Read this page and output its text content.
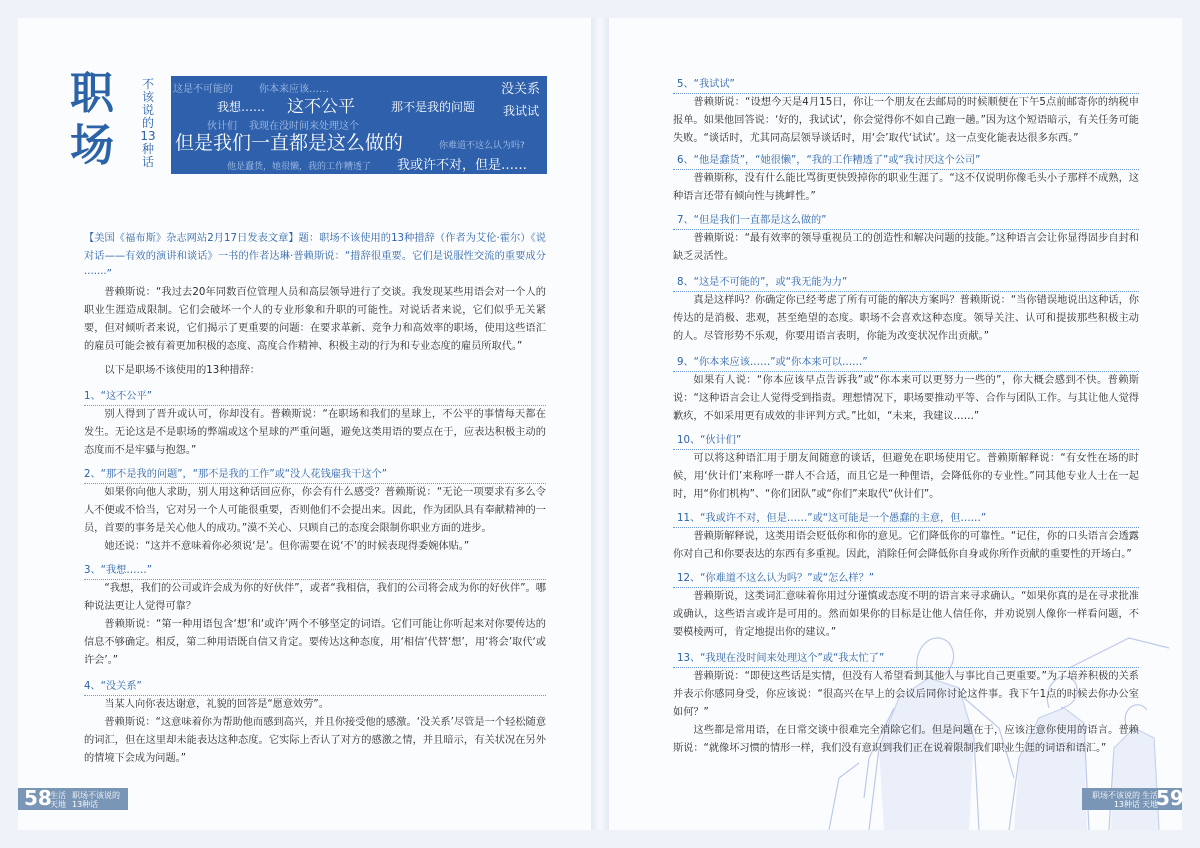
职场
不该说的13种话
这是不可能的	你本来应该……	没关系
我想…… 这不公平	那不是我的问题 我试试
伙计们 我现在没时间来处理这个
但是我们一直都是这么做的	你难道不这么认为吗?
他是蠢货，她很懒，我的工作糟透了 我或许不对，但是……
【美国《福布斯》杂志网站2月17日发表文章】题：职场不该使用的13种措辞（作者为艾伦·霍尔）《说对话——有效的演讲和谈话》一书的作者达琳·普赖斯说：“措辞很重要。它们是说服性交流的重要成分·······”
普赖斯说：“我过去20年同数百位管理人员和高层领导进行了交谈。我发现某些用语会对一个人的职业生涯造成限制。它们会破坏一个人的专业形象和升职的可能性。对说话者来说，它们似乎无关紧要，但对倾听者来说，它们揭示了更重要的问题：在要求革新、竞争力和高效率的职场，使用这些语汇的雇员可能会被有着更加积极的态度、高度合作精神、积极主动的行为和专业态度的雇员所取代。”
以下是职场不该使用的13种措辞：
1、“这不公平”
别人得到了晋升或认可，你却没有。普赖斯说：“在职场和我们的星球上，不公平的事情每天都在发生。无论这是不是职场的弊端或这个星球的严重问题，避免这类用语的要点在于，应表达积极主动的态度而不是牢骚与抱怨。”
2、“那不是我的问题”，“那不是我的工作”或“没人花钱雇我干这个”
如果你向他人求助，别人用这种话回应你，你会有什么感受？普赖斯说：“无论一项要求有多么令人不便或不恰当，它对另一个人可能很重要，否则他们不会提出来。因此，作为团队具有奉献精神的一员，首要的事务是关心他人的成功。”漠不关心、只顾自己的态度会限制你职业方面的进步。
她还说：“这并不意味着你必须说‘是’。但你需要在说‘不’的时候表现得委婉体贴。”
3、“我想……”
“我想，我们的公司或许会成为你的好伙伴”，或者“我相信，我们的公司将会成为你的好伙伴”。哪种说法更让人觉得可靠？
普赖斯说：“第一种用语包含‘想’和‘或许’两个不够坚定的词语。它们可能让你听起来对你要传达的信息不够确定。相反，第二种用语既自信又肯定。要传达这种态度，用‘相信’代替‘想’，用‘将会’取代‘或许会’。”
4、“没关系”
当某人向你表达谢意，礼貌的回答是“愿意效劳”。
普赖斯说：“这意味着你为帮助他而感到高兴，并且你接受他的感激。‘没关系’尽管是一个轻松随意的词汇，但在这里却未能表达这种态度。它实际上否认了对方的感激之情，并且暗示，有关状况在另外的情境下会成为问题。”
5、“我试试”
普赖斯说：“设想今天是4月15日，你让一个朋友在去邮局的时候顺便在下午5点前邮寄你的纳税申报单。如果他回答说：‘好的，我试试’，你会觉得你不如自己跑一趟。”因为这个短语暗示，有关任务可能失败。“谈话时，尤其同高层领导谈话时，用‘会’取代‘试试’。这一点变化能表达很多东西。”
6、“他是蠢货”，“她很懒”，“我的工作糟透了”或“我讨厌这个公司”
普赖斯称，没有什么能比骂街更快毁掉你的职业生涯了。“这不仅说明你像毛头小子那样不成熟，这种语言还带有倾向性与挑衅性。”
7、“但是我们一直都是这么做的”
普赖斯说：“最有效率的领导重视员工的创造性和解决问题的技能。”这种语言会让你显得固步自封和缺乏灵活性。
8、“这是不可能的”，或“我无能为力”
真是这样吗？你确定你已经考虑了所有可能的解决方案吗？普赖斯说：“当你错误地说出这种话，你传达的是消极、悲观，甚至绝望的态度。职场不会喜欢这种态度。领导关注、认可和提拔那些积极主动的人。尽管形势不乐观，你要用语言表明，你能为改变状况作出贡献。”
9、“你本来应该……”或“你本来可以……”
如果有人说：“你本应该早点告诉我”或“你本来可以更努力一些的”，你大概会感到不快。普赖斯说：“这种语言会让人觉得受到指责。理想情况下，职场要推动平等、合作与团队工作。与其让他人觉得歉疚，不如采用更有成效的非评判方式。”比如，“未来，我建议……”
10、“伙计们”
可以将这种语汇用于朋友间随意的谈话，但避免在职场使用它。普赖斯解释说：“有女性在场的时候，用‘伙计们’来称呼一群人不合适，而且它是一种俚语，会降低你的专业性。”同其他专业人士在一起时，用“你们机构”、“你们团队”或“你们”来取代“伙计们”。
11、“我或许不对，但是……”或“这可能是一个愚蠢的主意，但……”
普赖斯解释说，这类用语会贬低你和你的意见。它们降低你的可靠性。“记住，你的口头语言会透露你对自己和你要表达的东西有多重视。因此，消除任何会降低你自身或你所作贡献的重要性的开场白。”
12、“你难道不这么认为吗？”或“怎么样？”
普赖斯说，这类词汇意味着你用过分谨慎或态度不明的语言来寻求确认。“如果你真的是在寻求批准或确认，这些语言或许是可用的。然而如果你的目标是让他人信任你，并劝说别人像你一样看问题，不要模棱两可，肯定地提出你的建议。”
13、“我现在没时间来处理这个”或“我太忙了”
普赖斯说：“即使这些话是实情，但没有人希望看到其他人与事比自己更重要。”为了培养积极的关系并表示你感同身受，你应该说：“很高兴在早上的会议后同你讨论这件事。我下午1点的时候去你办公室如何？”
这些都是常用语，在日常交谈中很难完全消除它们。但是问题在于，应该注意你使用的语言。普赖斯说：“就像坏习惯的情形一样，我们没有意识到我们正在说着限制我们职业生涯的词语和语汇。”
58
生活天地
职场不该说的13种话
职场不该说的13种话
生活天地
59
